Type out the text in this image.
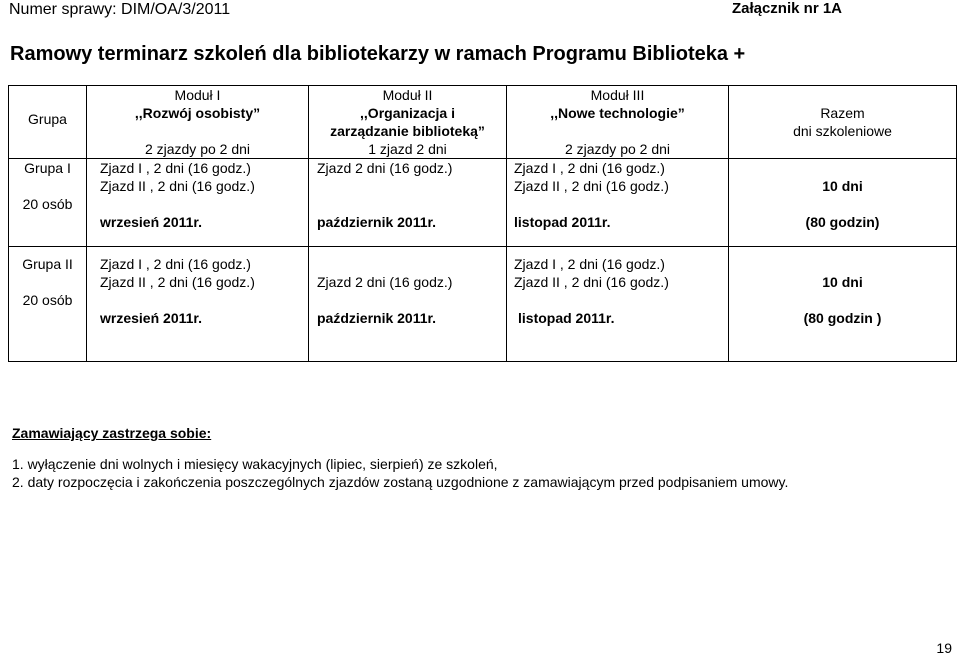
Numer sprawy: DIM/OA/3/2011	Załącznik nr 1A
Ramowy terminarz szkoleń dla bibliotekarzy w ramach Programu Biblioteka +
Grupa	Moduł I
,,Rozwój osobisty”
2 zjazdy po 2 dni	Moduł II
,,Organizacja i
zarządzanie biblioteką”
1 zjazd 2 dni	Moduł III
,,Nowe technologie”
2 zjazdy po 2 dni	Razem
dni szkoleniowe

Grupa I
20 osób	Zjazd I , 2 dni (16 godz.)
Zjazd II , 2 dni (16 godz.)
wrzesień 2011r.	Zjazd 2 dni (16 godz.)
październik 2011r.	Zjazd I , 2 dni (16 godz.)
Zjazd II , 2 dni (16 godz.)
listopad 2011r.	10 dni
(80 godzin)

Grupa II
20 osób	Zjazd I , 2 dni (16 godz.)
Zjazd II , 2 dni (16 godz.)
wrzesień 2011r.	Zjazd 2 dni (16 godz.)
październik 2011r.	Zjazd I , 2 dni (16 godz.)
Zjazd II , 2 dni (16 godz.)
listopad 2011r.	10 dni
(80 godzin )
Zamawiający zastrzega sobie:
1. wyłączenie dni wolnych i miesięcy wakacyjnych (lipiec, sierpień) ze szkoleń,
2. daty rozpoczęcia i zakończenia poszczególnych zjazdów zostaną uzgodnione z zamawiającym przed podpisaniem umowy.
19
